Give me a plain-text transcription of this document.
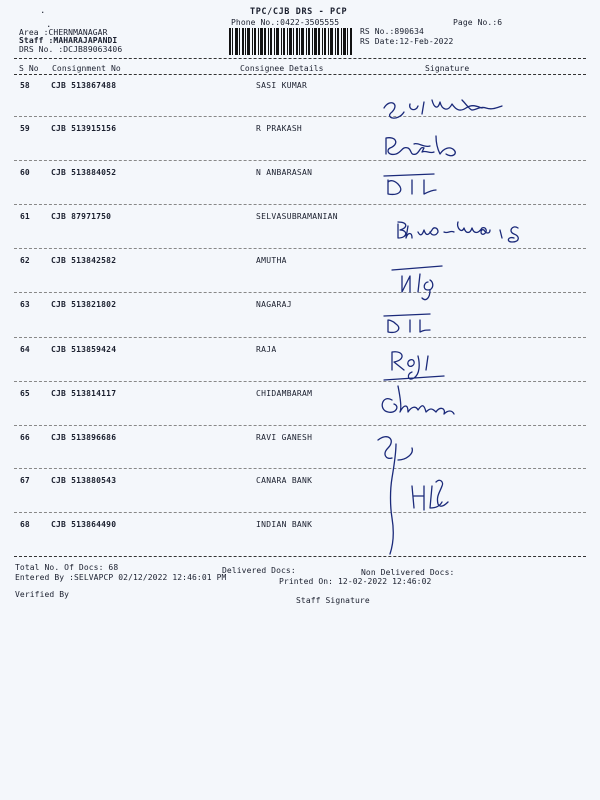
.
.
TPC/CJB DRS - PCP
Phone No.:0422-3505555	Page No.:6
Area :CHERNMANAGAR
Staff :MAHARAJAPANDI
DRS No. :DCJB89063406
RS No.:890634
RS Date:12-Feb-2022
S No Consignment No	Consignee Details	Signature
58	CJB 513867488	SASI KUMAR
59	CJB 513915156	R PRAKASH
60	CJB 513884052	N ANBARASAN
61	CJB 87971750	SELVASUBRAMANIAN
62	CJB 513842582	AMUTHA
63	CJB 513821802	NAGARAJ
64	CJB 513859424	RAJA
65	CJB 513814117	CHIDAMBARAM
66	CJB 513896686	RAVI GANESH
67	CJB 513880543	CANARA BANK
68	CJB 513864490	INDIAN BANK
Total No. Of Docs: 68	Delivered Docs:	Non Delivered Docs:
Entered By :SELVAPCP 02/12/2022 12:46:01 PM	Printed On: 12-02-2022 12:46:02
Verified By
Staff Signature
